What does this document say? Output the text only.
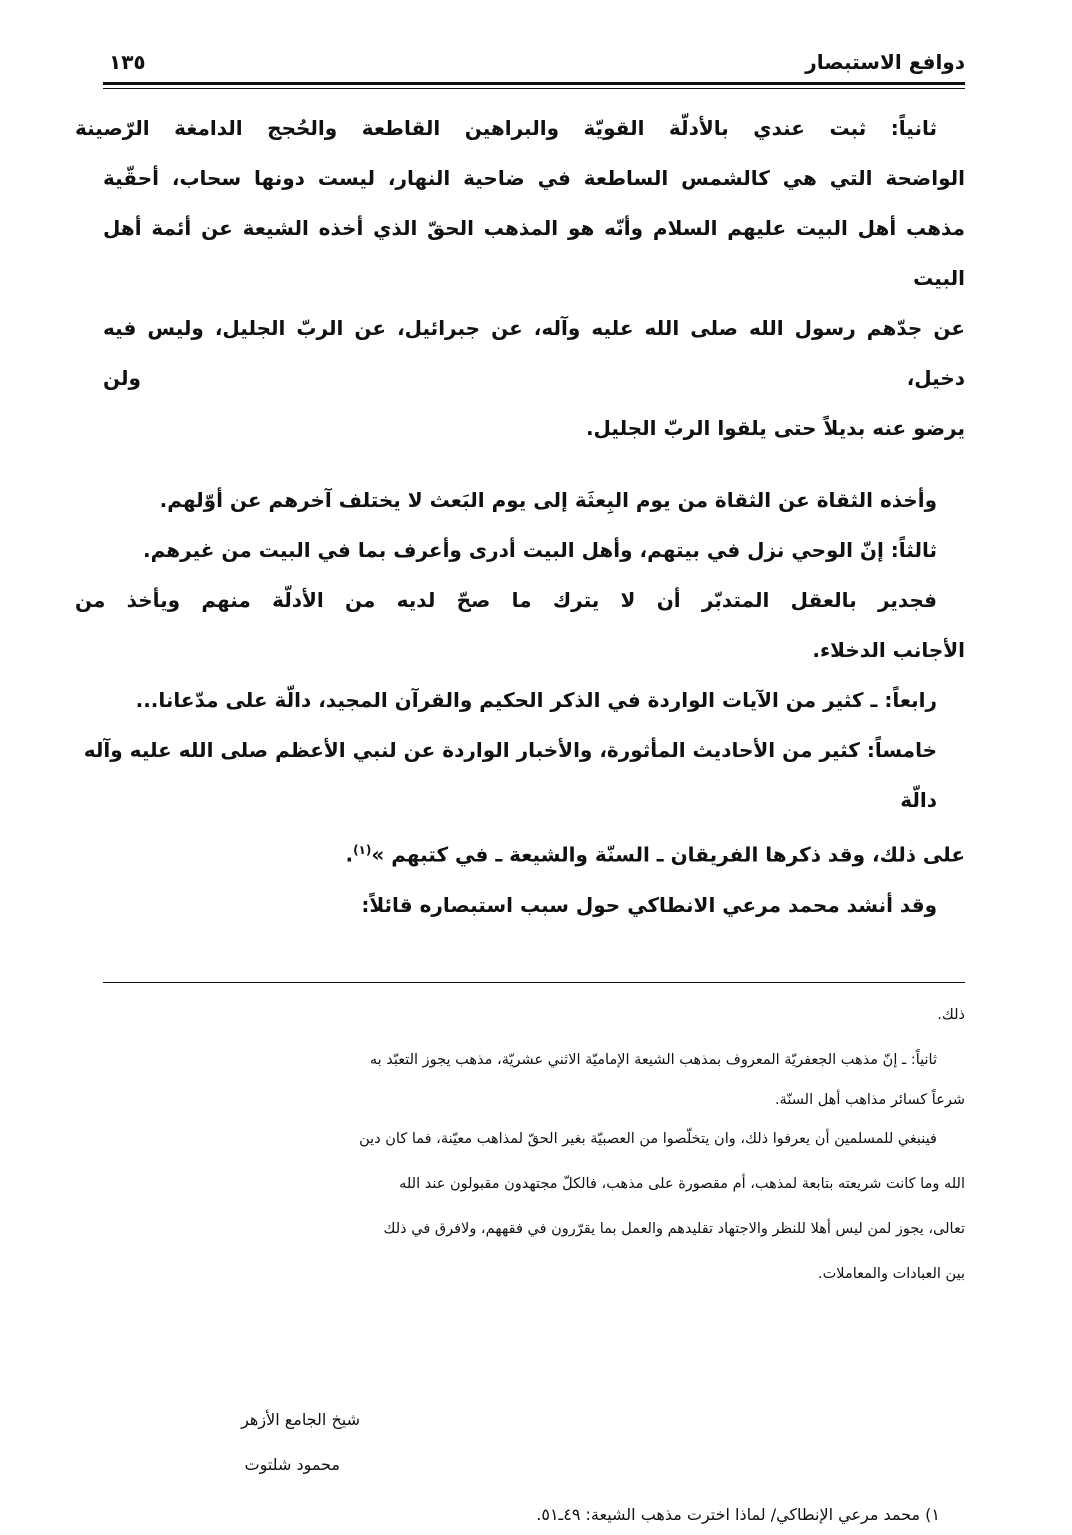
دوافع الاستبصار
١٣٥
ثانياً: ثبت عندي بالأدلّة القويّة والبراهين القاطعة والحُجج الدامغة الرّصينة
الواضحة التي هي كالشمس الساطعة في ضاحية النهار، ليست دونها سحاب، أحقّية
مذهب أهل البيت عليهم السلام وأنّه هو المذهب الحقّ الذي أخذه الشيعة عن أئمة أهل البيت
عن جدّهم رسول الله صلى الله عليه وآله، عن جبرائيل، عن الربّ الجليل، وليس فيه دخيل، ولن
يرضو عنه بديلاً حتى يلقوا الربّ الجليل.
وأخذه الثقاة عن الثقاة من يوم البِعثَة إلى يوم البَعث لا يختلف آخرهم عن أوّلهم.
ثالثاً: إنّ الوحي نزل في بيتهم، وأهل البيت أدرى وأعرف بما في البيت من غيرهم.
فجدير بالعقل المتدبّر أن لا يترك ما صحّ لديه من الأدلّة منهم ويأخذ من
الأجانب الدخلاء.
رابعاً: ـ كثير من الآيات الواردة في الذكر الحكيم والقرآن المجيد، دالّة على مدّعانا...
خامساً: كثير من الأحاديث المأثورة، والأخبار الواردة عن لنبي الأعظم صلى الله عليه وآله دالّة
على ذلك، وقد ذكرها الفريقان ـ السنّة والشيعة ـ في كتبهم »$^{(١)}$.
وقد أنشد محمد مرعي الانطاكي حول سبب استبصاره قائلاً:
ذلك.
ثانياً: ـ إنّ مذهب الجعفريّة المعروف بمذهب الشيعة الإماميّة الاثني عشريّة، مذهب يجوز التعبّد به
شرعاً كسائر مذاهب أهل السنّة.
فينبغي للمسلمين أن يعرفوا ذلك، وان يتخلّصوا من العصبيّة بغير الحقّ لمذاهب معيّنة، فما كان دين
الله وما كانت شريعته بتابعة لمذهب، أم مقصورة على مذهب، فالكلّ مجتهدون مقبولون عند الله
تعالى، يجوز لمن ليس أهلا للنظر والاجتهاد تقليدهم والعمل بما يقرّرون في فقههم، ولافرق في ذلك
بين العبادات والمعاملات.
شيخ الجامع الأزهر
محمود شلتوت
١) محمد مرعي الإنطاكي/ لماذا اخترت مذهب الشيعة: ٤٩ـ٥١.
